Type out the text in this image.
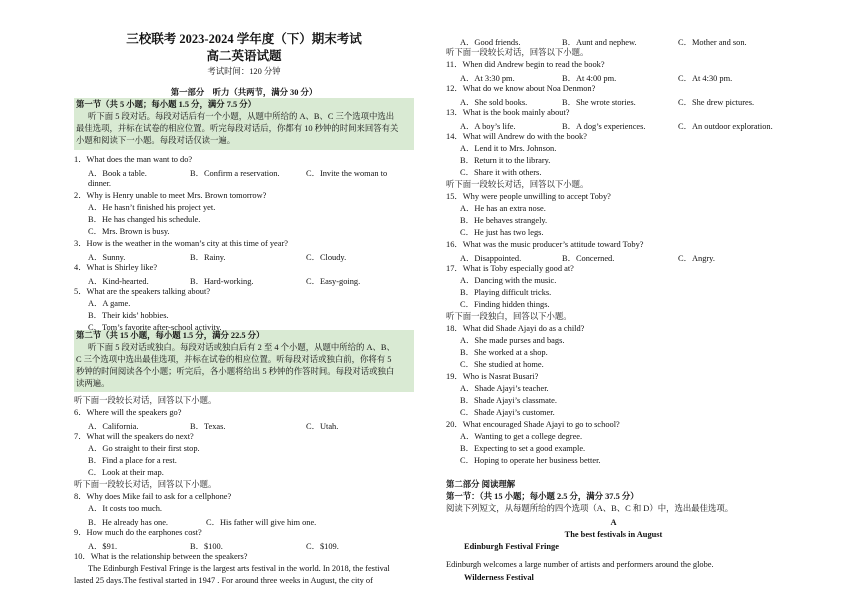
三校联考 2023-2024 学年度（下）期末考试
高二英语试题
考试时间：120 分钟
第一部分　听力（共两节，满分 30 分）
第一节（共 5 小题；每小题 1.5 分，满分 7.5 分）
听下面 5 段对话。每段对话后有一个小题，从题中所给的 A、B、C 三个选项中选出
最佳选项，并标在试卷的相应位置。听完每段对话后，你都有 10 秒钟的时间来回答有关
小题和阅读下一小题。每段对话仅读一遍。
第二节（共 15 小题，每小题 1.5 分，满分 22.5 分）
听下面 5 段对话或独白。每段对话或独白后有 2 至 4 个小题，从题中所给的 A、B、
C 三个选项中选出最佳选项，并标在试卷的相应位置。听每段对话或独白前，你将有 5
秒钟的时间阅读各个小题；听完后，各小题将给出 5 秒钟的作答时间。每段对话或独白
读两遍。
1．What does the man want to do?
2．Why is Henry unable to meet Mrs. Brown tomorrow?
A．He hasn’t finished his project yet.
B．He has changed his schedule.
C．Mrs. Brown is busy.
3．How is the weather in the woman’s city at this time of year?
4．What is Shirley like?
5．What are the speakers talking about?
A．A game.
B．Their kids’ hobbies.
C．Tom’s favorite after-school activity.
听下面一段较长对话，回答以下小题。
6．Where will the speakers go?
7．What will the speakers do next?
A．Go straight to their first stop.
B．Find a place for a rest.
C．Look at their map.
听下面一段较长对话，回答以下小题。
8．Why does Mike fail to ask for a cellphone?
A．It costs too much.
9．How much do the earphones cost?
10．What is the relationship between the speakers?
A．Book a table.	B．Confirm a reservation.	C．Invite the woman to
A．Sunny.	B．Rainy.	C．Cloudy.
A．Kind-hearted.	B．Hard-working.	C．Easy-going.
A．California.	B．Texas.	C．Utah.
A．$91.	B．$100.	C．$109.
dinner.
B．He already has one.	C．His father will give him one.
The Edinburgh Festival Fringe is the largest arts festival in the world. In 2018, the festival
lasted 25 days.The festival started in 1947 . For around three weeks in August, the city of
听下面一段较长对话，回答以下小题。
11．When did Andrew begin to read the book?
12．What do we know about Noa Denmon?
13．What is the book mainly about?
14．What will Andrew do with the book?
A．Lend it to Mrs. Johnson.
B．Return it to the library.
C．Share it with others.
听下面一段较长对话，回答以下小题。
15．Why were people unwilling to accept Toby?
A．He has an extra nose.
B．He behaves strangely.
C．He just has two legs.
16．What was the music producer’s attitude toward Toby?
17．What is Toby especially good at?
A．Dancing with the music.
B．Playing difficult tricks.
C．Finding hidden things.
听下面一段独白，回答以下小题。
18．What did Shade Ajayi do as a child?
A．She made purses and bags.
B．She worked at a shop.
C．She studied at home.
19．Who is Nasrat Busari?
A．Shade Ajayi’s teacher.
B．Shade Ajayi’s classmate.
C．Shade Ajayi’s customer.
20．What encouraged Shade Ajayi to go to school?
A．Wanting to get a college degree.
B．Expecting to set a good example.
C．Hoping to operate her business better.
A．Good friends.	B．Aunt and nephew.	C．Mother and son.
A．At 3:30 pm.	B．At 4:00 pm.	C．At 4:30 pm.
A．She sold books.	B．She wrote stories.	C．She drew pictures.
A．A boy’s life.	B．A dog’s experiences.	C．An outdoor exploration.
A．Disappointed.	B．Concerned.	C．Angry.
第二部分 阅读理解
第一节：（共 15 小题；每小题 2.5 分，满分 37.5 分）
阅读下列短文，从每题所给的四个选项（A、B、C 和 D）中，选出最佳选项。
A
The best festivals in August
Edinburgh Festival Fringe
Edinburgh welcomes a large number of artists and performers around the globe.
Wilderness Festival
